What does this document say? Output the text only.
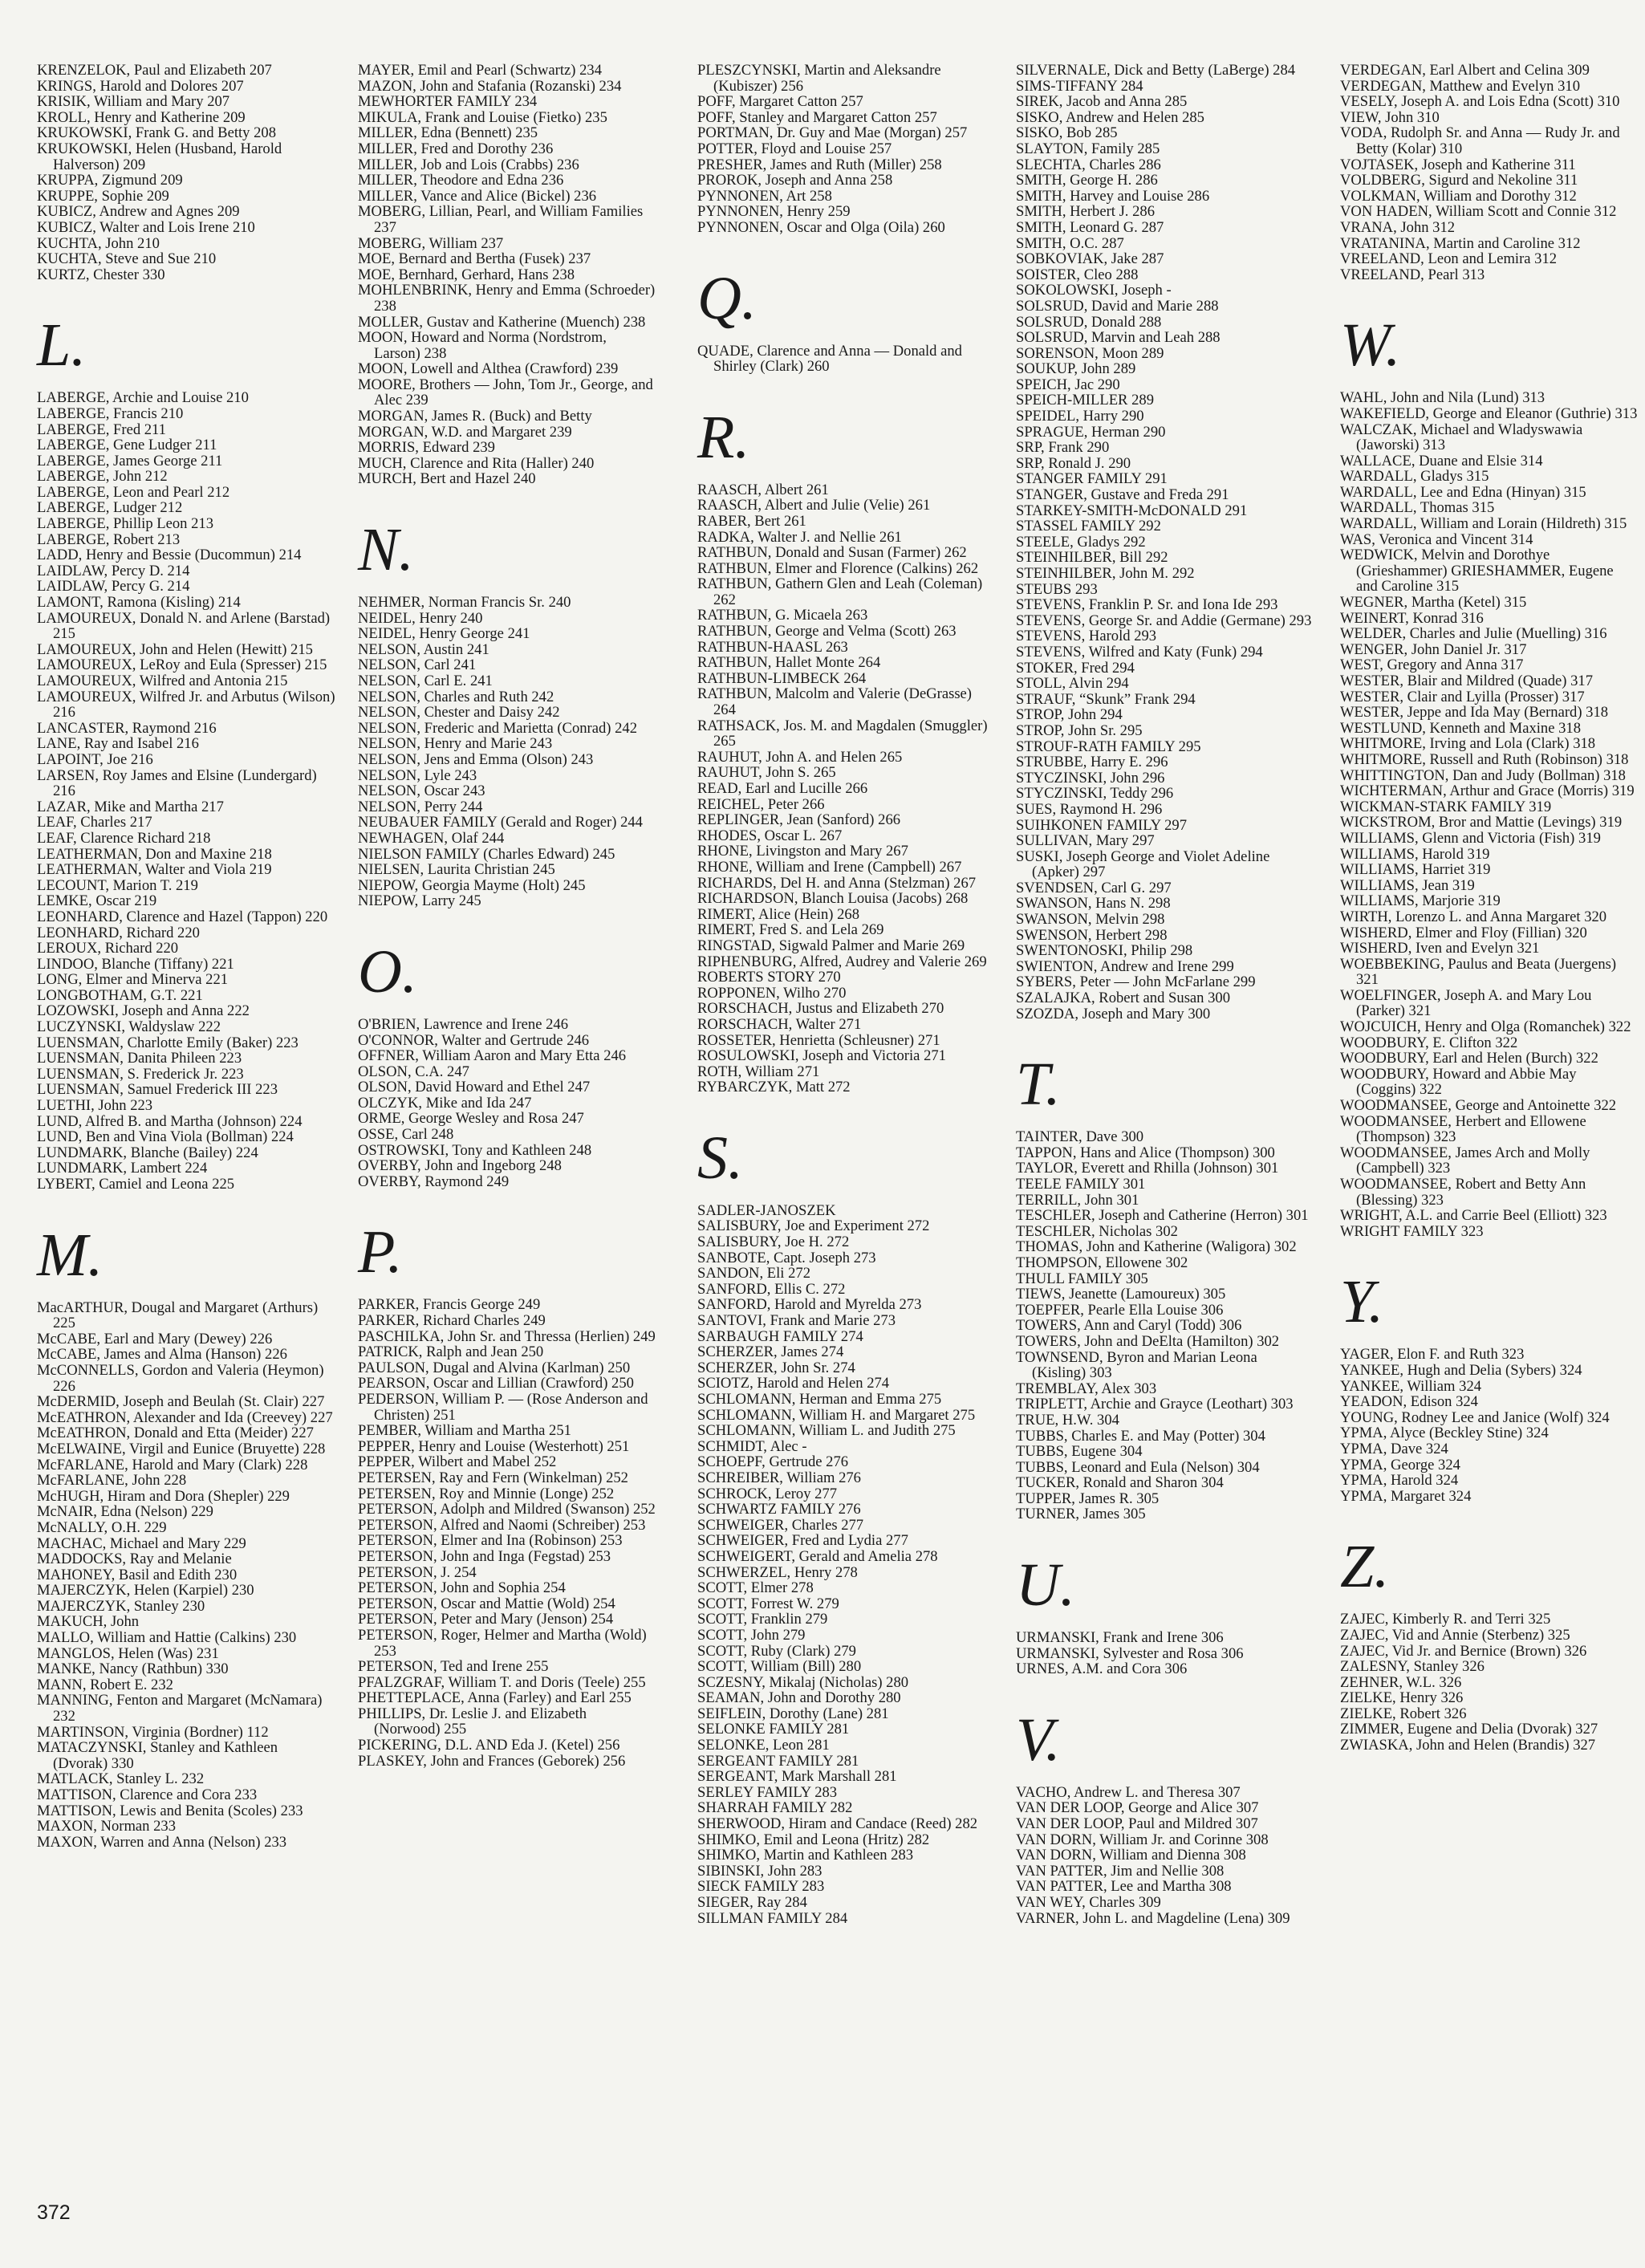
KRENZELOK, Paul and Elizabeth 207
KRINGS, Harold and Dolores 207
KRISIK, William and Mary 207
KROLL, Henry and Katherine 209
KRUKOWSKI, Frank G. and Betty 208
KRUKOWSKI, Helen (Husband, Harold Halverson) 209
KRUPPA, Zigmund 209
KRUPPE, Sophie 209
KUBICZ, Andrew and Agnes 209
KUBICZ, Walter and Lois Irene 210
KUCHTA, John 210
KUCHTA, Steve and Sue 210
KURTZ, Chester 330
L.
LABERGE, Archie and Louise 210
LABERGE, Francis 210
LABERGE, Fred 211
LABERGE, Gene Ludger 211
LABERGE, James George 211
LABERGE, John 212
LABERGE, Leon and Pearl 212
LABERGE, Ludger 212
LABERGE, Phillip Leon 213
LABERGE, Robert 213
LADD, Henry and Bessie (Ducommun) 214
LAIDLAW, Percy D. 214
LAIDLAW, Percy G. 214
LAMONT, Ramona (Kisling) 214
LAMOUREUX, Donald N. and Arlene (Barstad) 215
LAMOUREUX, John and Helen (Hewitt) 215
LAMOUREUX, LeRoy and Eula (Spresser) 215
LAMOUREUX, Wilfred and Antonia 215
LAMOUREUX, Wilfred Jr. and Arbutus (Wilson) 216
LANCASTER, Raymond 216
LANE, Ray and Isabel 216
LAPOINT, Joe 216
LARSEN, Roy James and Elsine (Lundergard) 216
LAZAR, Mike and Martha 217
LEAF, Charles 217
LEAF, Clarence Richard 218
LEATHERMAN, Don and Maxine 218
LEATHERMAN, Walter and Viola 219
LECOUNT, Marion T. 219
LEMKE, Oscar 219
LEONHARD, Clarence and Hazel (Tappon) 220
LEONHARD, Richard 220
LEROUX, Richard 220
LINDOO, Blanche (Tiffany) 221
LONG, Elmer and Minerva 221
LONGBOTHAM, G.T. 221
LOZOWSKI, Joseph and Anna 222
LUCZYNSKI, Waldyslaw 222
LUENSMAN, Charlotte Emily (Baker) 223
LUENSMAN, Danita Phileen 223
LUENSMAN, S. Frederick Jr. 223
LUENSMAN, Samuel Frederick III 223
LUETHI, John 223
LUND, Alfred B. and Martha (Johnson) 224
LUND, Ben and Vina Viola (Bollman) 224
LUNDMARK, Blanche (Bailey) 224
LUNDMARK, Lambert 224
LYBERT, Camiel and Leona 225
M.
MacARTHUR, Dougal and Margaret (Arthurs) 225
McCABE, Earl and Mary (Dewey) 226
McCABE, James and Alma (Hanson) 226
McCONNELLS, Gordon and Valeria (Heymon) 226
McDERMID, Joseph and Beulah (St. Clair) 227
McEATHRON, Alexander and Ida (Creevey) 227
McEATHRON, Donald and Etta (Meider) 227
McELWAINE, Virgil and Eunice (Bruyette) 228
McFARLANE, Harold and Mary (Clark) 228
McFARLANE, John 228
McHUGH, Hiram and Dora (Shepler) 229
McNAIR, Edna (Nelson) 229
McNALLY, O.H. 229
MACHAC, Michael and Mary 229
MADDOCKS, Ray and Melanie
MAHONEY, Basil and Edith 230
MAJERCZYK, Helen (Karpiel) 230
MAJERCZYK, Stanley 230
MAKUCH, John
MALLO, William and Hattie (Calkins) 230
MANGLOS, Helen (Was) 231
MANKE, Nancy (Rathbun) 330
MANN, Robert E. 232
MANNING, Fenton and Margaret (McNamara) 232
MARTINSON, Virginia (Bordner) 112
MATACZYNSKI, Stanley and Kathleen (Dvorak) 330
MATLACK, Stanley L. 232
MATTISON, Clarence and Cora 233
MATTISON, Lewis and Benita (Scoles) 233
MAXON, Norman 233
MAXON, Warren and Anna (Nelson) 233
MAYER, Emil and Pearl (Schwartz) 234
MAZON, John and Stafania (Rozanski) 234
MEWHORTER FAMILY 234
MIKULA, Frank and Louise (Fietko) 235
MILLER, Edna (Bennett) 235
MILLER, Fred and Dorothy 236
MILLER, Job and Lois (Crabbs) 236
MILLER, Theodore and Edna 236
MILLER, Vance and Alice (Bickel) 236
MOBERG, Lillian, Pearl, and William Families 237
MOBERG, William 237
MOE, Bernard and Bertha (Fusek) 237
MOE, Bernhard, Gerhard, Hans 238
MOHLENBRINK, Henry and Emma (Schroeder) 238
MOLLER, Gustav and Katherine (Muench) 238
MOON, Howard and Norma (Nordstrom, Larson) 238
MOON, Lowell and Althea (Crawford) 239
MOORE, Brothers — John, Tom Jr., George, and Alec 239
MORGAN, James R. (Buck) and Betty
MORGAN, W.D. and Margaret 239
MORRIS, Edward 239
MUCH, Clarence and Rita (Haller) 240
MURCH, Bert and Hazel 240
N.
NEHMER, Norman Francis Sr. 240
NEIDEL, Henry 240
NEIDEL, Henry George 241
NELSON, Austin 241
NELSON, Carl 241
NELSON, Carl E. 241
NELSON, Charles and Ruth 242
NELSON, Chester and Daisy 242
NELSON, Frederic and Marietta (Conrad) 242
NELSON, Henry and Marie 243
NELSON, Jens and Emma (Olson) 243
NELSON, Lyle 243
NELSON, Oscar 243
NELSON, Perry 244
NEUBAUER FAMILY (Gerald and Roger) 244
NEWHAGEN, Olaf 244
NIELSON FAMILY (Charles Edward) 245
NIELSEN, Laurita Christian 245
NIEPOW, Georgia Mayme (Holt) 245
NIEPOW, Larry 245
O.
O'BRIEN, Lawrence and Irene 246
O'CONNOR, Walter and Gertrude 246
OFFNER, William Aaron and Mary Etta 246
OLSON, C.A. 247
OLSON, David Howard and Ethel 247
OLCZYK, Mike and Ida 247
ORME, George Wesley and Rosa 247
OSSE, Carl 248
OSTROWSKI, Tony and Kathleen 248
OVERBY, John and Ingeborg 248
OVERBY, Raymond 249
P.
PARKER, Francis George 249
PARKER, Richard Charles 249
PASCHILKA, John Sr. and Thressa (Herlien) 249
PATRICK, Ralph and Jean 250
PAULSON, Dugal and Alvina (Karlman) 250
PEARSON, Oscar and Lillian (Crawford) 250
PEDERSON, William P. — (Rose Anderson and Christen) 251
PEMBER, William and Martha 251
PEPPER, Henry and Louise (Westerhott) 251
PEPPER, Wilbert and Mabel 252
PETERSEN, Ray and Fern (Winkelman) 252
PETERSEN, Roy and Minnie (Longe) 252
PETERSON, Adolph and Mildred (Swanson) 252
PETERSON, Alfred and Naomi (Schreiber) 253
PETERSON, Elmer and Ina (Robinson) 253
PETERSON, John and Inga (Fegstad) 253
PETERSON, J. 254
PETERSON, John and Sophia 254
PETERSON, Oscar and Mattie (Wold) 254
PETERSON, Peter and Mary (Jenson) 254
PETERSON, Roger, Helmer and Martha (Wold) 253
PETERSON, Ted and Irene 255
PFALZGRAF, William T. and Doris (Teele) 255
PHETTEPLACE, Anna (Farley) and Earl 255
PHILLIPS, Dr. Leslie J. and Elizabeth (Norwood) 255
PICKERING, D.L. AND Eda J. (Ketel) 256
PLASKEY, John and Frances (Geborek) 256
PLESZCYNSKI, Martin and Aleksandre (Kubiszer) 256
POFF, Margaret Catton 257
POFF, Stanley and Margaret Catton 257
PORTMAN, Dr. Guy and Mae (Morgan) 257
POTTER, Floyd and Louise 257
PRESHER, James and Ruth (Miller) 258
PROROK, Joseph and Anna 258
PYNNONEN, Art 258
PYNNONEN, Henry 259
PYNNONEN, Oscar and Olga (Oila) 260
Q.
QUADE, Clarence and Anna — Donald and Shirley (Clark) 260
R.
RAASCH, Albert 261
RAASCH, Albert and Julie (Velie) 261
RABER, Bert 261
RADKA, Walter J. and Nellie 261
RATHBUN, Donald and Susan (Farmer) 262
RATHBUN, Elmer and Florence (Calkins) 262
RATHBUN, Gathern Glen and Leah (Coleman) 262
RATHBUN, G. Micaela 263
RATHBUN, George and Velma (Scott) 263
RATHBUN-HAASL 263
RATHBUN, Hallet Monte 264
RATHBUN-LIMBECK 264
RATHBUN, Malcolm and Valerie (DeGrasse) 264
RATHSACK, Jos. M. and Magdalen (Smuggler) 265
RAUHUT, John A. and Helen 265
RAUHUT, John S. 265
READ, Earl and Lucille 266
REICHEL, Peter 266
REPLINGER, Jean (Sanford) 266
RHODES, Oscar L. 267
RHONE, Livingston and Mary 267
RHONE, William and Irene (Campbell) 267
RICHARDS, Del H. and Anna (Stelzman) 267
RICHARDSON, Blanch Louisa (Jacobs) 268
RIMERT, Alice (Hein) 268
RIMERT, Fred S. and Lela 269
RINGSTAD, Sigwald Palmer and Marie 269
RIPHENBURG, Alfred, Audrey and Valerie 269
ROBERTS STORY 270
ROPPONEN, Wilho 270
RORSCHACH, Justus and Elizabeth 270
RORSCHACH, Walter 271
ROSSETER, Henrietta (Schleusner) 271
ROSULOWSKI, Joseph and Victoria 271
ROTH, William 271
RYBARCZYK, Matt 272
S.
SADLER-JANOSZEK
SALISBURY, Joe and Experiment 272
SALISBURY, Joe H. 272
SANBOTE, Capt. Joseph 273
SANDON, Eli 272
SANFORD, Ellis C. 272
SANFORD, Harold and Myrelda 273
SANTOVI, Frank and Marie 273
SARBAUGH FAMILY 274
SCHERZER, James 274
SCHERZER, John Sr. 274
SCIOTZ, Harold and Helen 274
SCHLOMANN, Herman and Emma 275
SCHLOMANN, William H. and Margaret 275
SCHLOMANN, William L. and Judith 275
SCHMIDT, Alec -
SCHOEPF, Gertrude 276
SCHREIBER, William 276
SCHROCK, Leroy 277
SCHWARTZ FAMILY 276
SCHWEIGER, Charles 277
SCHWEIGER, Fred and Lydia 277
SCHWEIGERT, Gerald and Amelia 278
SCHWERZEL, Henry 278
SCOTT, Elmer 278
SCOTT, Forrest W. 279
SCOTT, Franklin 279
SCOTT, John 279
SCOTT, Ruby (Clark) 279
SCOTT, William (Bill) 280
SCZESNY, Mikalaj (Nicholas) 280
SEAMAN, John and Dorothy 280
SEIFLEIN, Dorothy (Lane) 281
SELONKE FAMILY 281
SELONKE, Leon 281
SERGEANT FAMILY 281
SERGEANT, Mark Marshall 281
SERLEY FAMILY 283
SHARRAH FAMILY 282
SHERWOOD, Hiram and Candace (Reed) 282
SHIMKO, Emil and Leona (Hritz) 282
SHIMKO, Martin and Kathleen 283
SIBINSKI, John 283
SIECK FAMILY 283
SIEGER, Ray 284
SILLMAN FAMILY 284
SILVERNALE, Dick and Betty (LaBerge) 284
SIMS-TIFFANY 284
SIREK, Jacob and Anna 285
SISKO, Andrew and Helen 285
SISKO, Bob 285
SLAYTON, Family 285
SLECHTA, Charles 286
SMITH, George H. 286
SMITH, Harvey and Louise 286
SMITH, Herbert J. 286
SMITH, Leonard G. 287
SMITH, O.C. 287
SOBKOVIAK, Jake 287
SOISTER, Cleo 288
SOKOLOWSKI, Joseph -
SOLSRUD, David and Marie 288
SOLSRUD, Donald 288
SOLSRUD, Marvin and Leah 288
SORENSON, Moon 289
SOUKUP, John 289
SPEICH, Jac 290
SPEICH-MILLER 289
SPEIDEL, Harry 290
SPRAGUE, Herman 290
SRP, Frank 290
SRP, Ronald J. 290
STANGER FAMILY 291
STANGER, Gustave and Freda 291
STARKEY-SMITH-McDONALD 291
STASSEL FAMILY 292
STEELE, Gladys 292
STEINHILBER, Bill 292
STEINHILBER, John M. 292
STEUBS 293
STEVENS, Franklin P. Sr. and Iona Ide 293
STEVENS, George Sr. and Addie (Germane) 293
STEVENS, Harold 293
STEVENS, Wilfred and Katy (Funk) 294
STOKER, Fred 294
STOLL, Alvin 294
STRAUF, “Skunk” Frank 294
STROP, John 294
STROP, John Sr. 295
STROUF-RATH FAMILY 295
STRUBBE, Harry E. 296
STYCZINSKI, John 296
STYCZINSKI, Teddy 296
SUES, Raymond H. 296
SUIHKONEN FAMILY 297
SULLIVAN, Mary 297
SUSKI, Joseph George and Violet Adeline (Apker) 297
SVENDSEN, Carl G. 297
SWANSON, Hans N. 298
SWANSON, Melvin 298
SWENSON, Herbert 298
SWENTONOSKI, Philip 298
SWIENTON, Andrew and Irene 299
SYBERS, Peter — John McFarlane 299
SZALAJKA, Robert and Susan 300
SZOZDA, Joseph and Mary 300
T.
TAINTER, Dave 300
TAPPON, Hans and Alice (Thompson) 300
TAYLOR, Everett and Rhilla (Johnson) 301
TEELE FAMILY 301
TERRILL, John 301
TESCHLER, Joseph and Catherine (Herron) 301
TESCHLER, Nicholas 302
THOMAS, John and Katherine (Waligora) 302
THOMPSON, Ellowene 302
THULL FAMILY 305
TIEWS, Jeanette (Lamoureux) 305
TOEPFER, Pearle Ella Louise 306
TOWERS, Ann and Caryl (Todd) 306
TOWERS, John and DeElta (Hamilton) 302
TOWNSEND, Byron and Marian Leona (Kisling) 303
TREMBLAY, Alex 303
TRIPLETT, Archie and Grayce (Leothart) 303
TRUE, H.W. 304
TUBBS, Charles E. and May (Potter) 304
TUBBS, Eugene 304
TUBBS, Leonard and Eula (Nelson) 304
TUCKER, Ronald and Sharon 304
TUPPER, James R. 305
TURNER, James 305
U.
URMANSKI, Frank and Irene 306
URMANSKI, Sylvester and Rosa 306
URNES, A.M. and Cora 306
V.
VACHO, Andrew L. and Theresa 307
VAN DER LOOP, George and Alice 307
VAN DER LOOP, Paul and Mildred 307
VAN DORN, William Jr. and Corinne 308
VAN DORN, William and Dienna 308
VAN PATTER, Jim and Nellie 308
VAN PATTER, Lee and Martha 308
VAN WEY, Charles 309
VARNER, John L. and Magdeline (Lena) 309
VERDEGAN, Earl Albert and Celina 309
VERDEGAN, Matthew and Evelyn 310
VESELY, Joseph A. and Lois Edna (Scott) 310
VIEW, John 310
VODA, Rudolph Sr. and Anna — Rudy Jr. and Betty (Kolar) 310
VOJTASEK, Joseph and Katherine 311
VOLDBERG, Sigurd and Nekoline 311
VOLKMAN, William and Dorothy 312
VON HADEN, William Scott and Connie 312
VRANA, John 312
VRATANINA, Martin and Caroline 312
VREELAND, Leon and Lemira 312
VREELAND, Pearl 313
W.
WAHL, John and Nila (Lund) 313
WAKEFIELD, George and Eleanor (Guthrie) 313
WALCZAK, Michael and Wladyswawia (Jaworski) 313
WALLACE, Duane and Elsie 314
WARDALL, Gladys 315
WARDALL, Lee and Edna (Hinyan) 315
WARDALL, Thomas 315
WARDALL, William and Lorain (Hildreth) 315
WAS, Veronica and Vincent 314
WEDWICK, Melvin and Dorothye (Grieshammer) GRIESHAMMER, Eugene and Caroline 315
WEGNER, Martha (Ketel) 315
WEINERT, Konrad 316
WELDER, Charles and Julie (Muelling) 316
WENGER, John Daniel Jr. 317
WEST, Gregory and Anna 317
WESTER, Blair and Mildred (Quade) 317
WESTER, Clair and Lyilla (Prosser) 317
WESTER, Jeppe and Ida May (Bernard) 318
WESTLUND, Kenneth and Maxine 318
WHITMORE, Irving and Lola (Clark) 318
WHITMORE, Russell and Ruth (Robinson) 318
WHITTINGTON, Dan and Judy (Bollman) 318
WICHTERMAN, Arthur and Grace (Morris) 319
WICKMAN-STARK FAMILY 319
WICKSTROM, Bror and Mattie (Levings) 319
WILLIAMS, Glenn and Victoria (Fish) 319
WILLIAMS, Harold 319
WILLIAMS, Harriet 319
WILLIAMS, Jean 319
WILLIAMS, Marjorie 319
WIRTH, Lorenzo L. and Anna Margaret 320
WISHERD, Elmer and Floy (Fillian) 320
WISHERD, Iven and Evelyn 321
WOEBBEKING, Paulus and Beata (Juergens) 321
WOELFINGER, Joseph A. and Mary Lou (Parker) 321
WOJCUICH, Henry and Olga (Romanchek) 322
WOODBURY, E. Clifton 322
WOODBURY, Earl and Helen (Burch) 322
WOODBURY, Howard and Abbie May (Coggins) 322
WOODMANSEE, George and Antoinette 322
WOODMANSEE, Herbert and Ellowene (Thompson) 323
WOODMANSEE, James Arch and Molly (Campbell) 323
WOODMANSEE, Robert and Betty Ann (Blessing) 323
WRIGHT, A.L. and Carrie Beel (Elliott) 323
WRIGHT FAMILY 323
Y.
YAGER, Elon F. and Ruth 323
YANKEE, Hugh and Delia (Sybers) 324
YANKEE, William 324
YEADON, Edison 324
YOUNG, Rodney Lee and Janice (Wolf) 324
YPMA, Alyce (Beckley Stine) 324
YPMA, Dave 324
YPMA, George 324
YPMA, Harold 324
YPMA, Margaret 324
Z.
ZAJEC, Kimberly R. and Terri 325
ZAJEC, Vid and Annie (Sterbenz) 325
ZAJEC, Vid Jr. and Bernice (Brown) 326
ZALESNY, Stanley 326
ZEHNER, W.L. 326
ZIELKE, Henry 326
ZIELKE, Robert 326
ZIMMER, Eugene and Delia (Dvorak) 327
ZWIASKA, John and Helen (Brandis) 327
372
